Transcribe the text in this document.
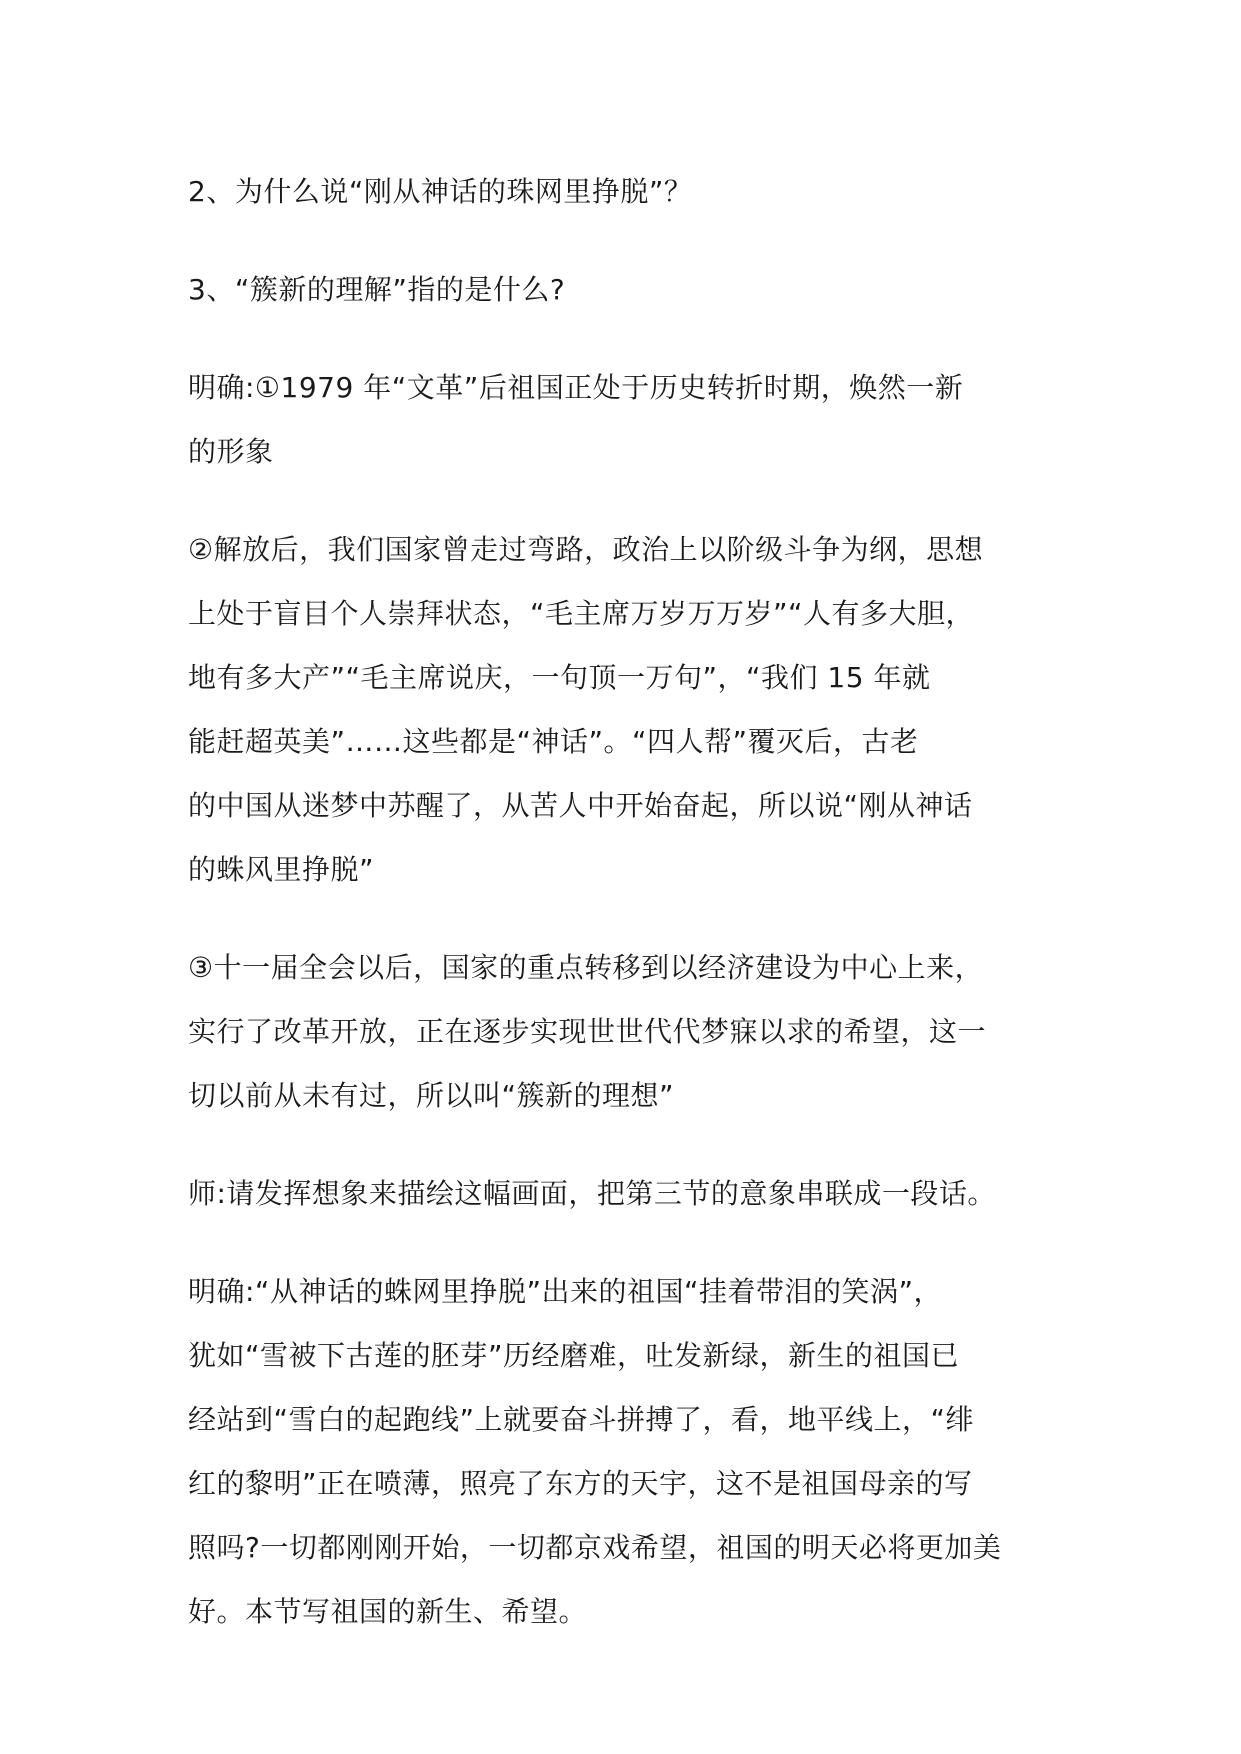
2、为什么说“刚从神话的珠网里挣脱”？
3、“簇新的理解”指的是什么?
明确:①1979 年“文革”后祖国正处于历史转折时期，焕然一新
的形象
②解放后，我们国家曾走过弯路，政治上以阶级斗争为纲，思想
上处于盲目个人崇拜状态，“毛主席万岁万万岁”“人有多大胆，
地有多大产”“毛主席说庆，一句顶一万句”，“我们 15 年就
能赶超英美”……这些都是“神话”。“四人帮”覆灭后，古老
的中国从迷梦中苏醒了，从苦人中开始奋起，所以说“刚从神话
的蛛风里挣脱”
③十一届全会以后，国家的重点转移到以经济建设为中心上来，
实行了改革开放，正在逐步实现世世代代梦寐以求的希望，这一
切以前从未有过，所以叫“簇新的理想”
师:请发挥想象来描绘这幅画面，把第三节的意象串联成一段话。
明确:“从神话的蛛网里挣脱”出来的祖国“挂着带泪的笑涡”，
犹如“雪被下古莲的胚芽”历经磨难，吐发新绿，新生的祖国已
经站到“雪白的起跑线”上就要奋斗拼搏了，看，地平线上，“绯
红的黎明”正在喷薄，照亮了东方的天宇，这不是祖国母亲的写
照吗?一切都刚刚开始，一切都京戏希望，祖国的明天必将更加美
好。本节写祖国的新生、希望。
